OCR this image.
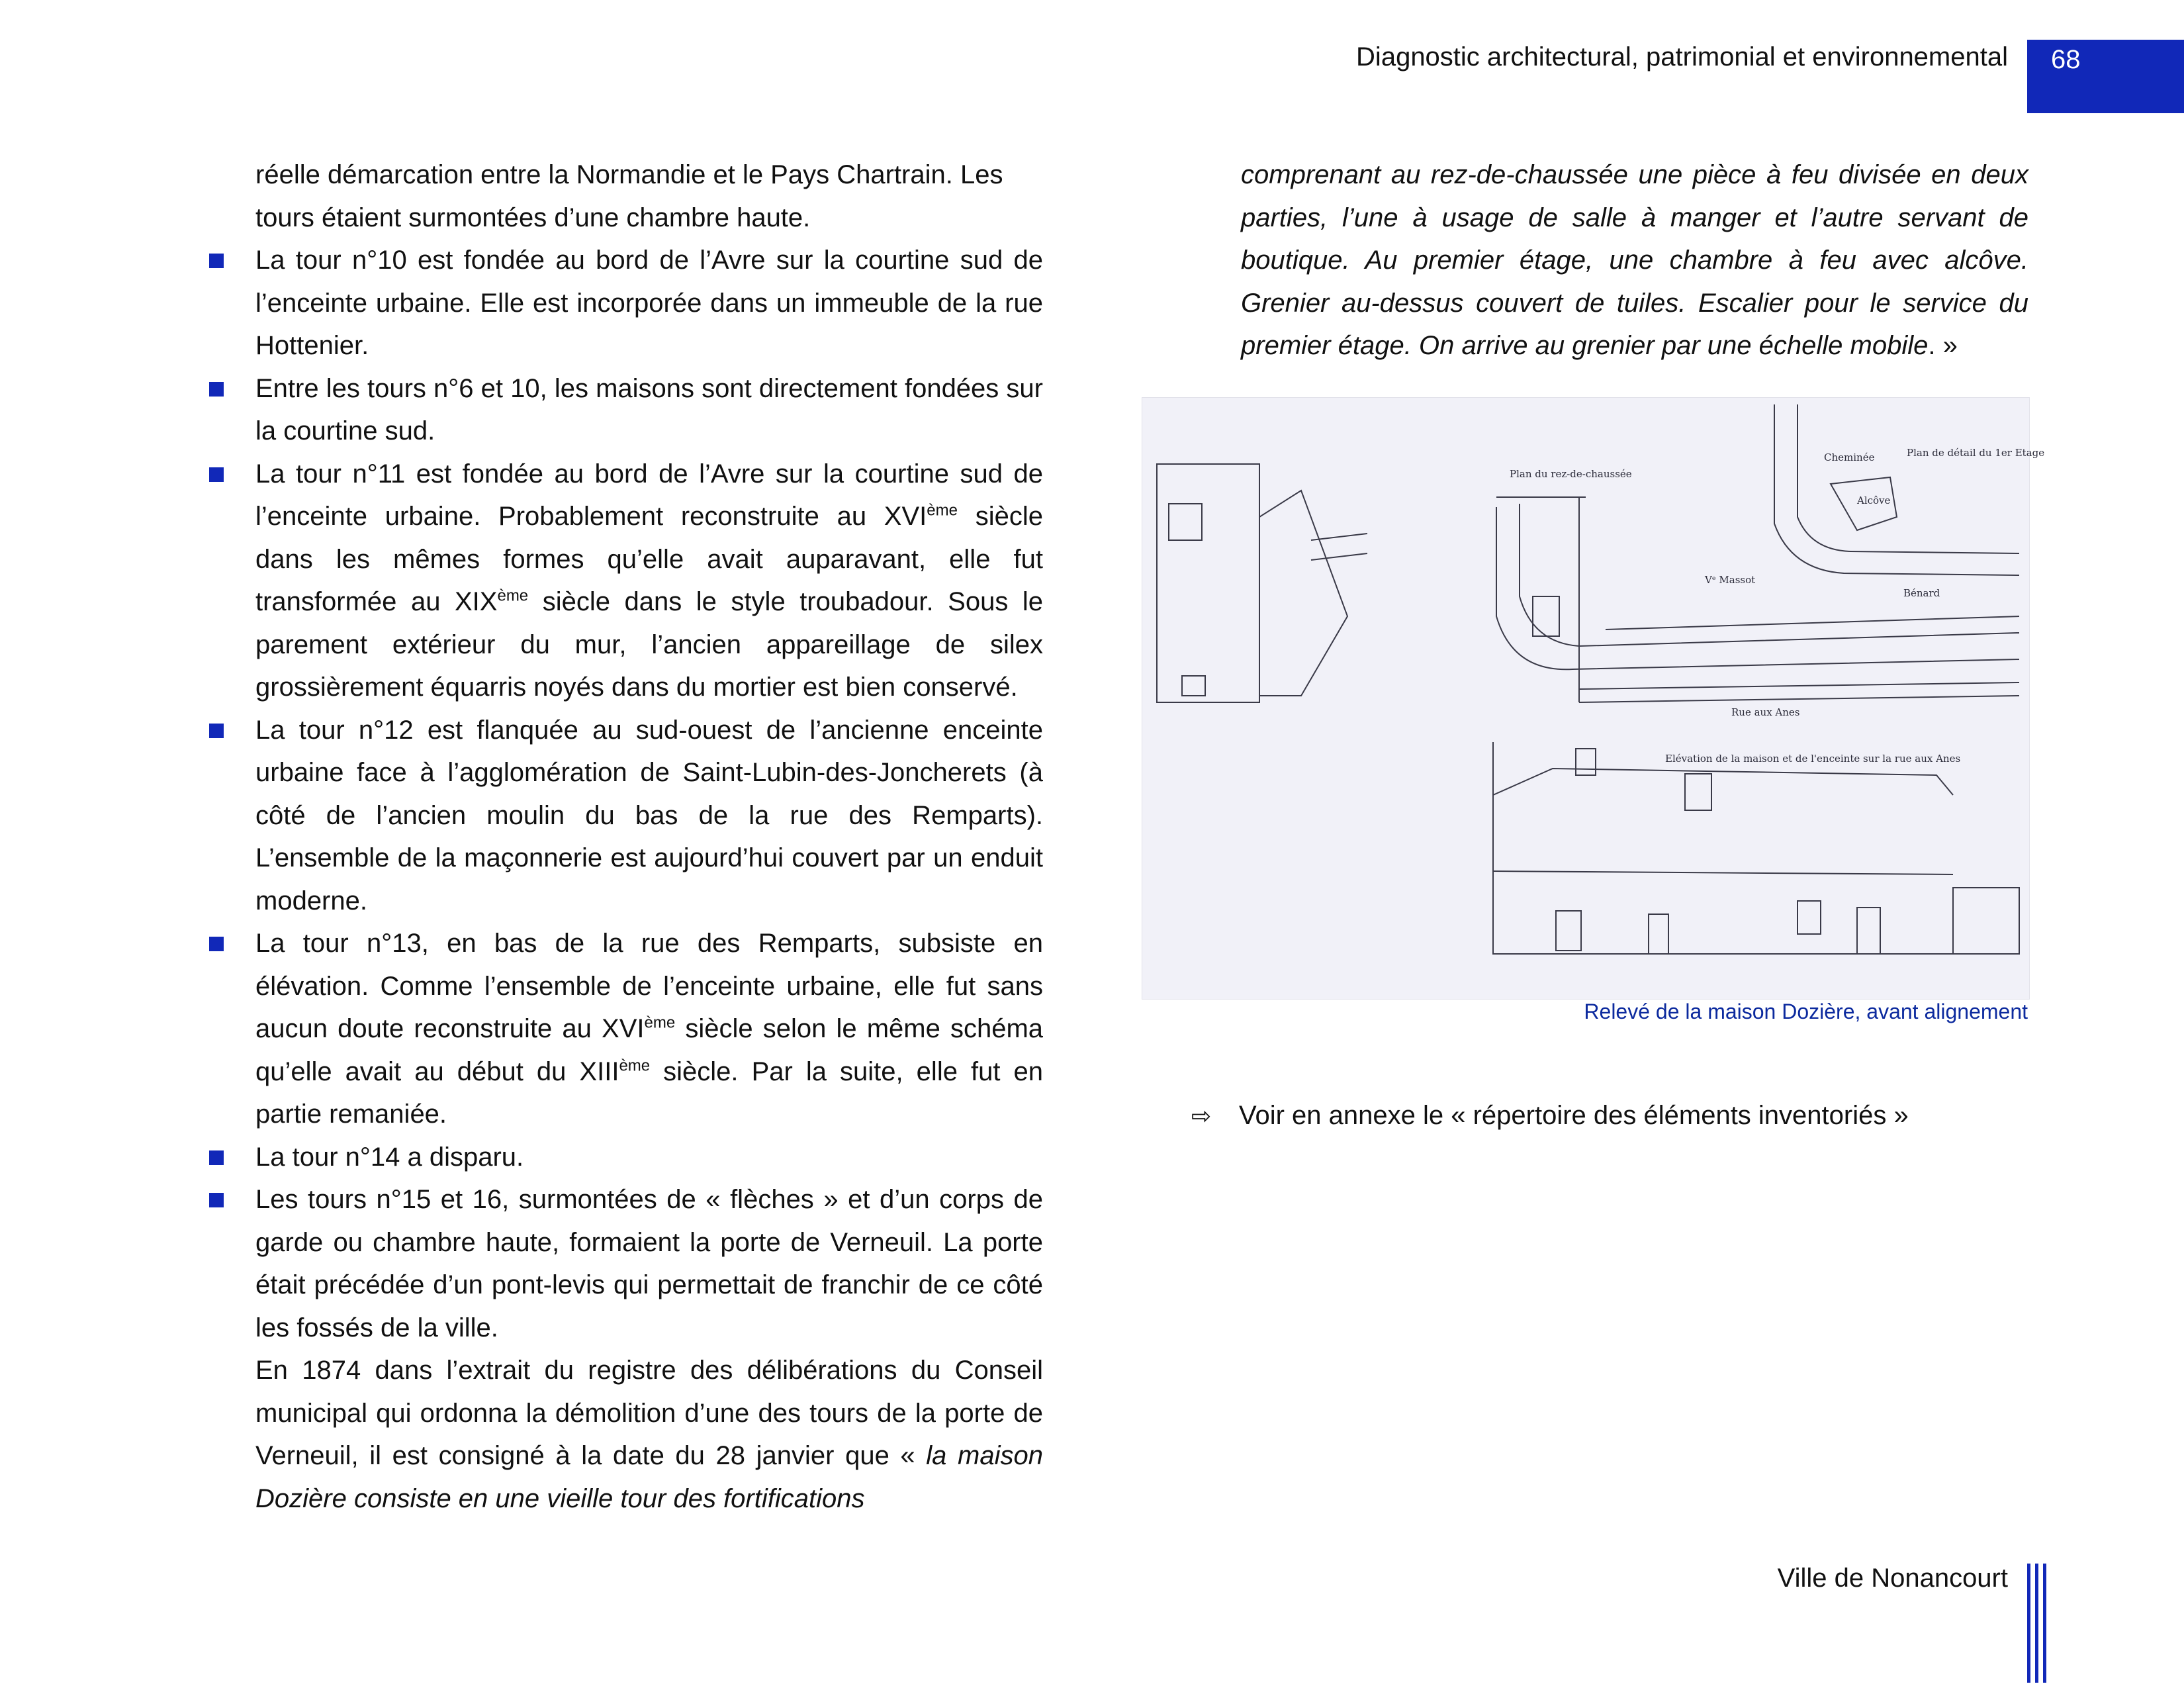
Diagnostic architectural, patrimonial et environnemental 68

réelle démarcation entre la Normandie et le Pays Chartrain. Les tours étaient surmontées d’une chambre haute.

La tour n°10 est fondée au bord de l’Avre sur la courtine sud de l’enceinte urbaine. Elle est incorporée dans un immeuble de la rue Hottenier.

Entre les tours n°6 et 10, les maisons sont directement fondées sur la courtine sud.

La tour n°11 est fondée au bord de l’Avre sur la courtine sud de l’enceinte urbaine. Probablement reconstruite au XVIème siècle dans les mêmes formes qu’elle avait auparavant, elle fut transformée au XIXème siècle dans le style troubadour. Sous le parement extérieur du mur, l’ancien appareillage de silex grossièrement équarris noyés dans du mortier est bien conservé.

La tour n°12 est flanquée au sud-ouest de l’ancienne enceinte urbaine face à l’agglomération de Saint-Lubin-des-Joncherets (à côté de l’ancien moulin du bas de la rue des Remparts). L’ensemble de la maçonnerie est aujourd’hui couvert par un enduit moderne.

La tour n°13, en bas de la rue des Remparts, subsiste en élévation. Comme l’ensemble de l’enceinte urbaine, elle fut sans aucun doute reconstruite au XVIème siècle selon le même schéma qu’elle avait au début du XIIIème siècle. Par la suite, elle fut en partie remaniée.

La tour n°14 a disparu.

Les tours n°15 et 16, surmontées de « flèches » et d’un corps de garde ou chambre haute, formaient la porte de Verneuil. La porte était précédée d’un pont-levis qui permettait de franchir de ce côté les fossés de la ville.

En 1874 dans l’extrait du registre des délibérations du Conseil municipal qui ordonna la démolition d’une des tours de la porte de Verneuil, il est consigné à la date du 28 janvier que « la maison Dozière consiste en une vieille tour des fortifications

comprenant au rez-de-chaussée une pièce à feu divisée en deux parties, l’une à usage de salle à manger et l’autre servant de boutique. Au premier étage, une chambre à feu avec alcôve. Grenier au-dessus couvert de tuiles. Escalier pour le service du premier étage. On arrive au grenier par une échelle mobile. »

Plan du rez-de-chaussée
Plan de détail du 1er Etage
Cheminée
Alcôve
Vᵉ Massot
Bénard
Rue aux Anes
Elévation de la maison et de l'enceinte sur la rue aux Anes
Relevé de la maison Dozière, avant alignement
⇨ Voir en annexe le « répertoire des éléments inventoriés »
Ville de Nonancourt
